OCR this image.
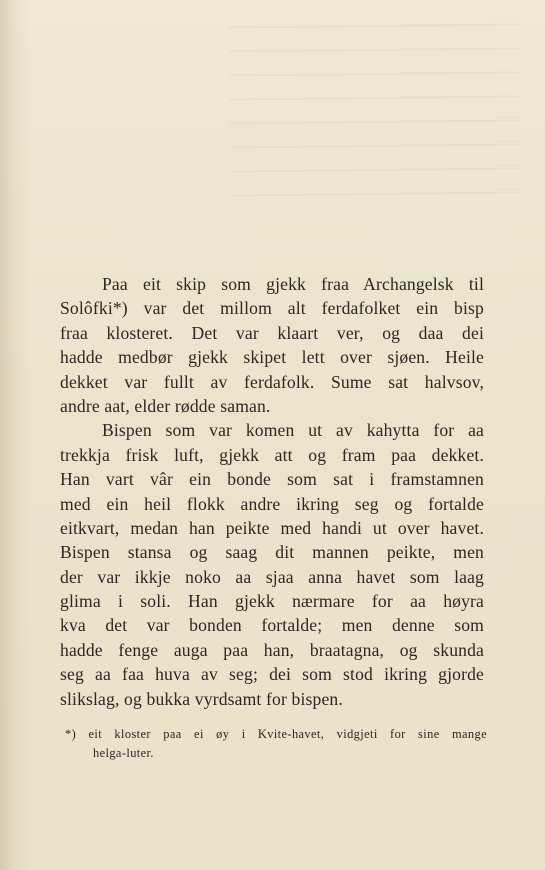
Paa eit skip som gjekk fraa Archangelsk til
Solôfki*) var det millom alt ferdafolket ein bisp
fraa klosteret. Det var klaart ver, og daa dei
hadde medbør gjekk skipet lett over sjøen. Heile
dekket var fullt av ferdafolk. Sume sat halvsov,
andre aat, elder rødde saman.
Bispen som var komen ut av kahytta for aa
trekkja frisk luft, gjekk att og fram paa dekket.
Han vart vâr ein bonde som sat i framstamnen
med ein heil flokk andre ikring seg og fortalde
eitkvart, medan han peikte med handi ut over havet.
Bispen stansa og saag dit mannen peikte, men
der var ikkje noko aa sjaa anna havet som laag
glima i soli. Han gjekk nærmare for aa høyra
kva det var bonden fortalde; men denne som
hadde fenge auga paa han, braatagna, og skunda
seg aa faa huva av seg; dei som stod ikring gjorde
slikslag, og bukka vyrdsamt for bispen.
*) eit kloster paa ei øy i Kvite-havet, vidgjeti for sine mange
helga-luter.
